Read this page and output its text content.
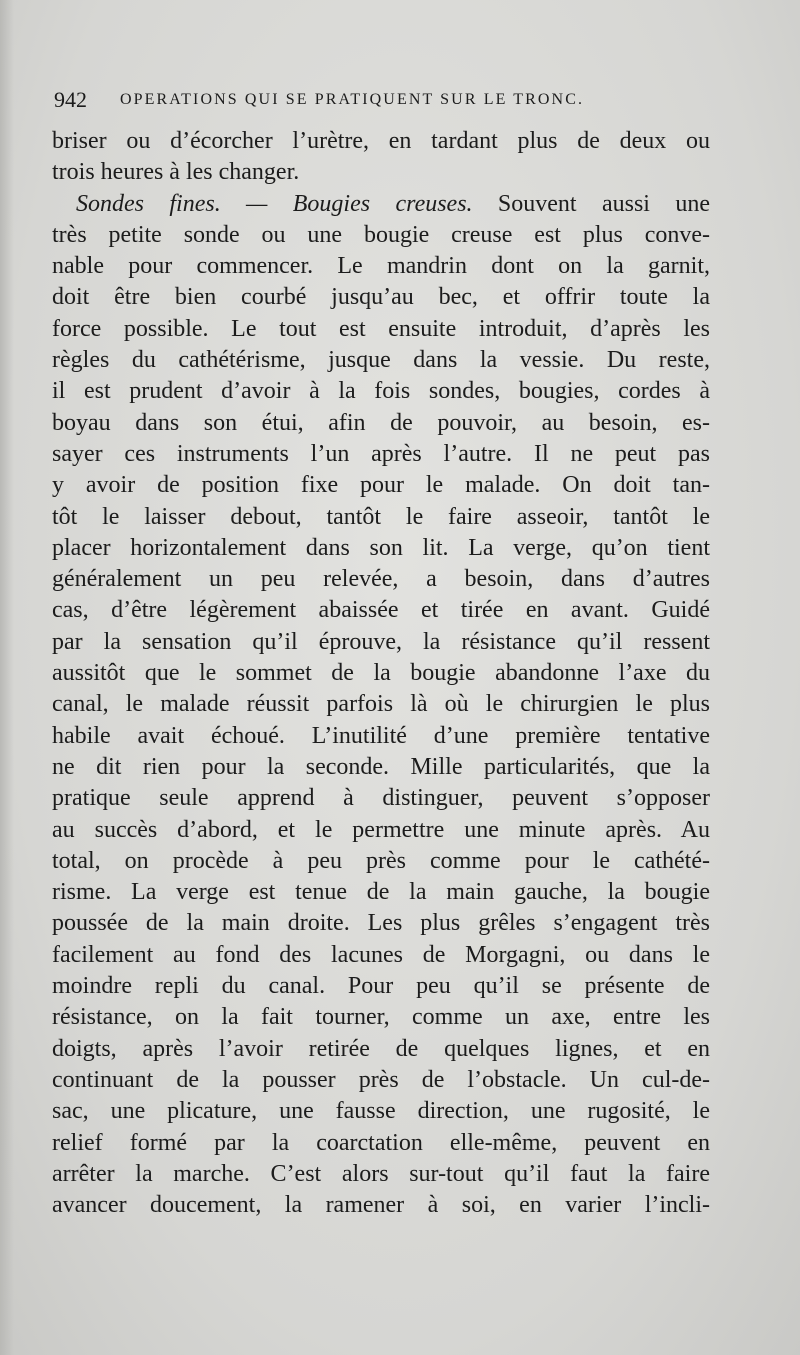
942 OPERATIONS QUI SE PRATIQUENT SUR LE TRONC.
briser ou d’écorcher l’urètre, en tardant plus de deux ou
trois heures à les changer.
Sondes fines. — Bougies creuses. Souvent aussi une
très petite sonde ou une bougie creuse est plus conve-
nable pour commencer. Le mandrin dont on la garnit,
doit être bien courbé jusqu’au bec, et offrir toute la
force possible. Le tout est ensuite introduit, d’après les
règles du cathétérisme, jusque dans la vessie. Du reste,
il est prudent d’avoir à la fois sondes, bougies, cordes à
boyau dans son étui, afin de pouvoir, au besoin, es-
sayer ces instruments l’un après l’autre. Il ne peut pas
y avoir de position fixe pour le malade. On doit tan-
tôt le laisser debout, tantôt le faire asseoir, tantôt le
placer horizontalement dans son lit. La verge, qu’on tient
généralement un peu relevée, a besoin, dans d’autres
cas, d’être légèrement abaissée et tirée en avant. Guidé
par la sensation qu’il éprouve, la résistance qu’il ressent
aussitôt que le sommet de la bougie abandonne l’axe du
canal, le malade réussit parfois là où le chirurgien le plus
habile avait échoué. L’inutilité d’une première tentative
ne dit rien pour la seconde. Mille particularités, que la
pratique seule apprend à distinguer, peuvent s’opposer
au succès d’abord, et le permettre une minute après. Au
total, on procède à peu près comme pour le cathété-
risme. La verge est tenue de la main gauche, la bougie
poussée de la main droite. Les plus grêles s’engagent très
facilement au fond des lacunes de Morgagni, ou dans le
moindre repli du canal. Pour peu qu’il se présente de
résistance, on la fait tourner, comme un axe, entre les
doigts, après l’avoir retirée de quelques lignes, et en
continuant de la pousser près de l’obstacle. Un cul-de-
sac, une plicature, une fausse direction, une rugosité, le
relief formé par la coarctation elle-même, peuvent en
arrêter la marche. C’est alors sur-tout qu’il faut la faire
avancer doucement, la ramener à soi, en varier l’incli-
